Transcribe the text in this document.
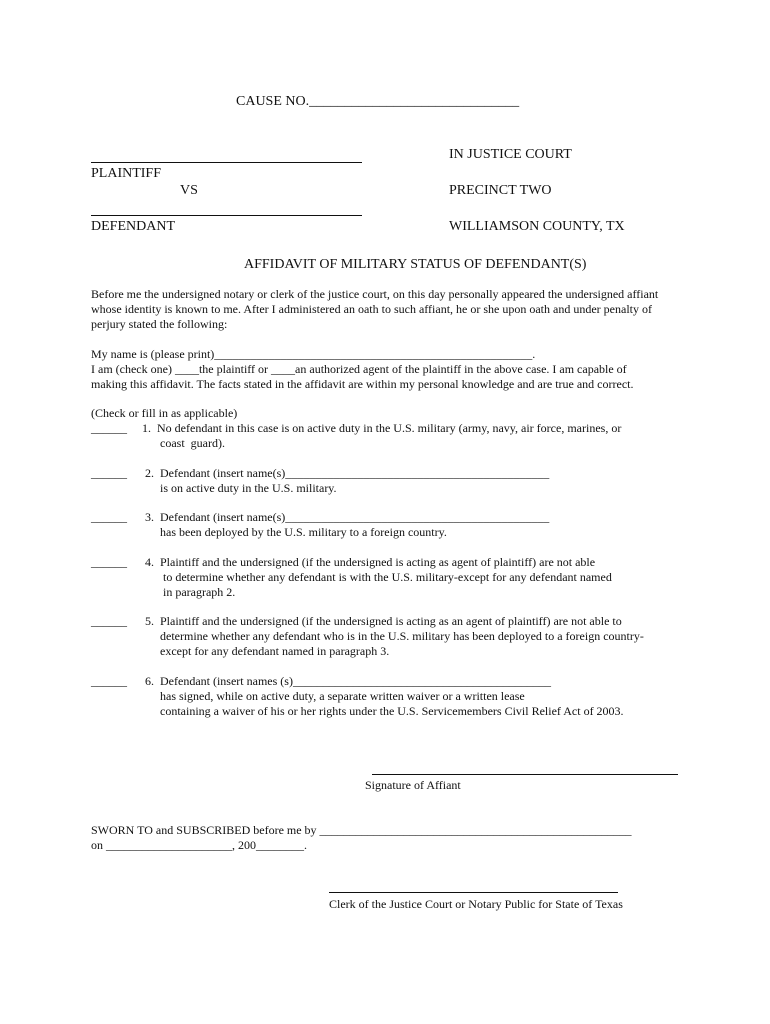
CAUSE NO.______________________________
IN JUSTICE COURT
PLAINTIFF
VS	PRECINCT TWO
DEFENDANT	WILLIAMSON COUNTY, TX
AFFIDAVIT OF MILITARY STATUS OF DEFENDANT(S)
Before me the undersigned notary or clerk of the justice court, on this day personally appeared the undersigned affiant whose identity is known to me. After I administered an oath to such affiant, he or she upon oath and under penalty of perjury stated the following:
My name is (please print)_____________________________________________________.
I am (check one) ____the plaintiff or ____an authorized agent of the plaintiff in the above case. I am capable of
making this affidavit. The facts stated in the affidavit are within my personal knowledge and are true and correct.
(Check or fill in as applicable)
______ 1.  No defendant in this case is on active duty in the U.S. military (army, navy, air force, marines, or
coast  guard).
______ 2.  Defendant (insert name(s)____________________________________________
is on active duty in the U.S. military.
______ 3.  Defendant (insert name(s)____________________________________________
has been deployed by the U.S. military to a foreign country.
______ 4.  Plaintiff and the undersigned (if the undersigned is acting as agent of plaintiff) are not able
to determine whether any defendant is with the U.S. military-except for any defendant named
in paragraph 2.
______ 5.  Plaintiff and the undersigned (if the undersigned is acting as an agent of plaintiff) are not able to
determine whether any defendant who is in the U.S. military has been deployed to a foreign country-
except for any defendant named in paragraph 3.
______ 6.  Defendant (insert names (s)___________________________________________
has signed, while on active duty, a separate written waiver or a written lease
containing a waiver of his or her rights under the U.S. Servicemembers Civil Relief Act of 2003.
Signature of Affiant
SWORN TO and SUBSCRIBED before me by ____________________________________________________
on _____________________, 200________.
Clerk of the Justice Court or Notary Public for State of Texas
